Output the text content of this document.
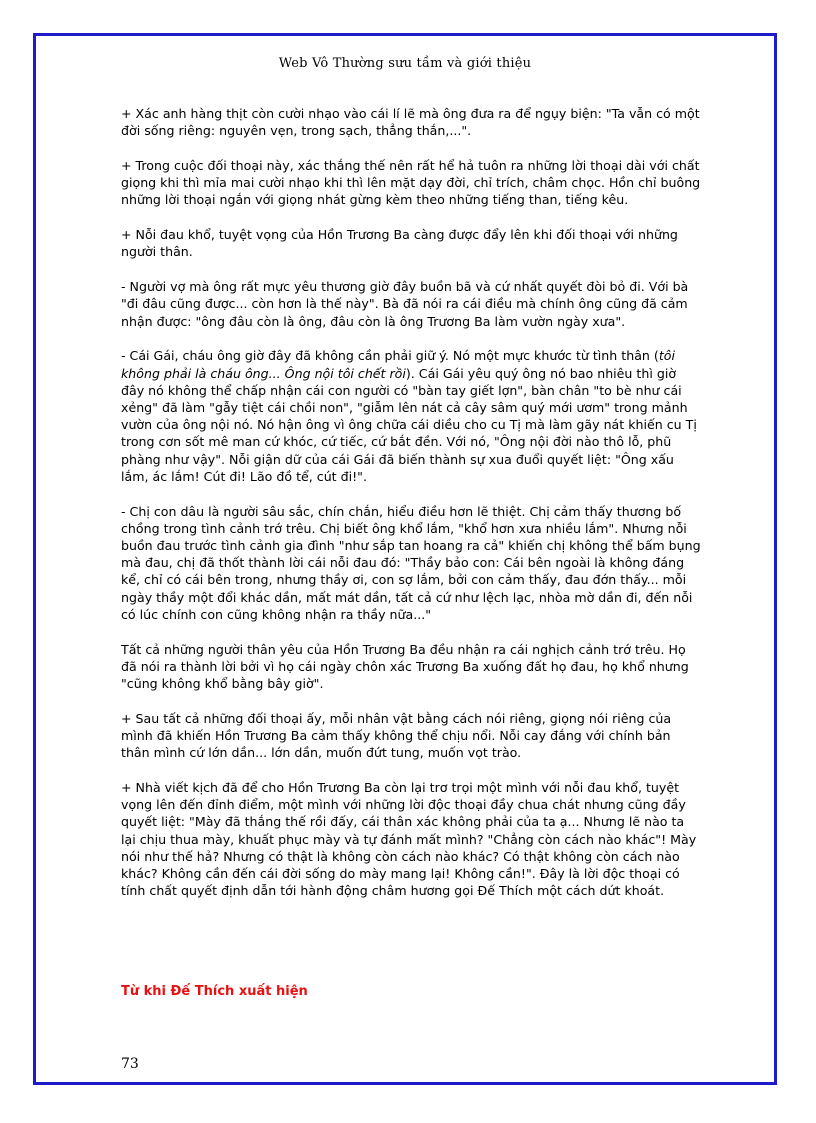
Web Vô Thường sưu tầm và giới thiệu

+ Xác anh hàng thịt còn cười nhạo vào cái lí lẽ mà ông đưa ra để ngụy biện: "Ta vẫn có một đời sống riêng: nguyên vẹn, trong sạch, thẳng thắn,...".

+ Trong cuộc đối thoại này, xác thắng thế nên rất hể hả tuôn ra những lời thoại dài với chất giọng khi thì mỉa mai cười nhạo khi thì lên mặt dạy đời, chỉ trích, châm chọc. Hồn chỉ buông những lời thoại ngắn với giọng nhát gừng kèm theo những tiếng than, tiếng kêu.

+ Nỗi đau khổ, tuyệt vọng của Hồn Trương Ba càng được đẩy lên khi đối thoại với những người thân.

- Người vợ mà ông rất mực yêu thương giờ đây buồn bã và cứ nhất quyết đòi bỏ đi. Với bà "đi đâu cũng được... còn hơn là thế này". Bà đã nói ra cái điều mà chính ông cũng đã cảm nhận được: "ông đâu còn là ông, đâu còn là ông Trương Ba làm vườn ngày xưa".

- Cái Gái, cháu ông giờ đây đã không cần phải giữ ý. Nó một mực khước từ tình thân (tôi không phải là cháu ông... Ông nội tôi chết rồi). Cái Gái yêu quý ông nó bao nhiêu thì giờ đây nó không thể chấp nhận cái con người có "bàn tay giết lợn", bàn chân "to bè như cái xẻng" đã làm "gẫy tiệt cái chồi non", "giẫm lên nát cả cây sâm quý mới ươm" trong mảnh vườn của ông nội nó. Nó hận ông vì ông chữa cái diều cho cu Tị mà làm gãy nát khiến cu Tị trong cơn sốt mê man cứ khóc, cứ tiếc, cứ bắt đền. Với nó, "Ông nội đời nào thô lỗ, phũ phàng như vậy". Nỗi giận dữ của cái Gái đã biến thành sự xua đuổi quyết liệt: "Ông xấu lắm, ác lắm! Cút đi! Lão đồ tể, cút đi!".

- Chị con dâu là người sâu sắc, chín chắn, hiểu điều hơn lẽ thiệt. Chị cảm thấy thương bố chồng trong tình cảnh trớ trêu. Chị biết ông khổ lắm, "khổ hơn xưa nhiều lắm". Nhưng nỗi buồn đau trước tình cảnh gia đình "như sắp tan hoang ra cả" khiến chị không thể bấm bụng mà đau, chị đã thốt thành lời cái nỗi đau đó: "Thầy bảo con: Cái bên ngoài là không đáng kể, chỉ có cái bên trong, nhưng thầy ơi, con sợ lắm, bởi con cảm thấy, đau đớn thấy... mỗi ngày thầy một đổi khác dần, mất mát dần, tất cả cứ như lệch lạc, nhòa mờ dần đi, đến nỗi có lúc chính con cũng không nhận ra thầy nữa..."

Tất cả những người thân yêu của Hồn Trương Ba đều nhận ra cái nghịch cảnh trớ trêu. Họ đã nói ra thành lời bởi vì họ cái ngày chôn xác Trương Ba xuống đất họ đau, họ khổ nhưng "cũng không khổ bằng bây giờ".

+ Sau tất cả những đối thoại ấy, mỗi nhân vật bằng cách nói riêng, giọng nói riêng của mình đã khiến Hồn Trương Ba cảm thấy không thể chịu nổi. Nỗi cay đắng với chính bản thân mình cứ lớn dần... lớn dần, muốn đứt tung, muốn vọt trào.

+ Nhà viết kịch đã để cho Hồn Trương Ba còn lại trơ trọi một mình với nỗi đau khổ, tuyệt vọng lên đến đỉnh điểm, một mình với những lời độc thoại đầy chua chát nhưng cũng đầy quyết liệt: "Mày đã thắng thế rồi đấy, cái thân xác không phải của ta ạ... Nhưng lẽ nào ta lại chịu thua mày, khuất phục mày và tự đánh mất mình? "Chẳng còn cách nào khác"! Mày nói như thế hả? Nhưng có thật là không còn cách nào khác? Có thật không còn cách nào khác? Không cần đến cái đời sống do mày mang lại! Không cần!". Đây là lời độc thoại có tính chất quyết định dẫn tới hành động châm hương gọi Đế Thích một cách dứt khoát.

Từ khi Đế Thích xuất hiện
73
